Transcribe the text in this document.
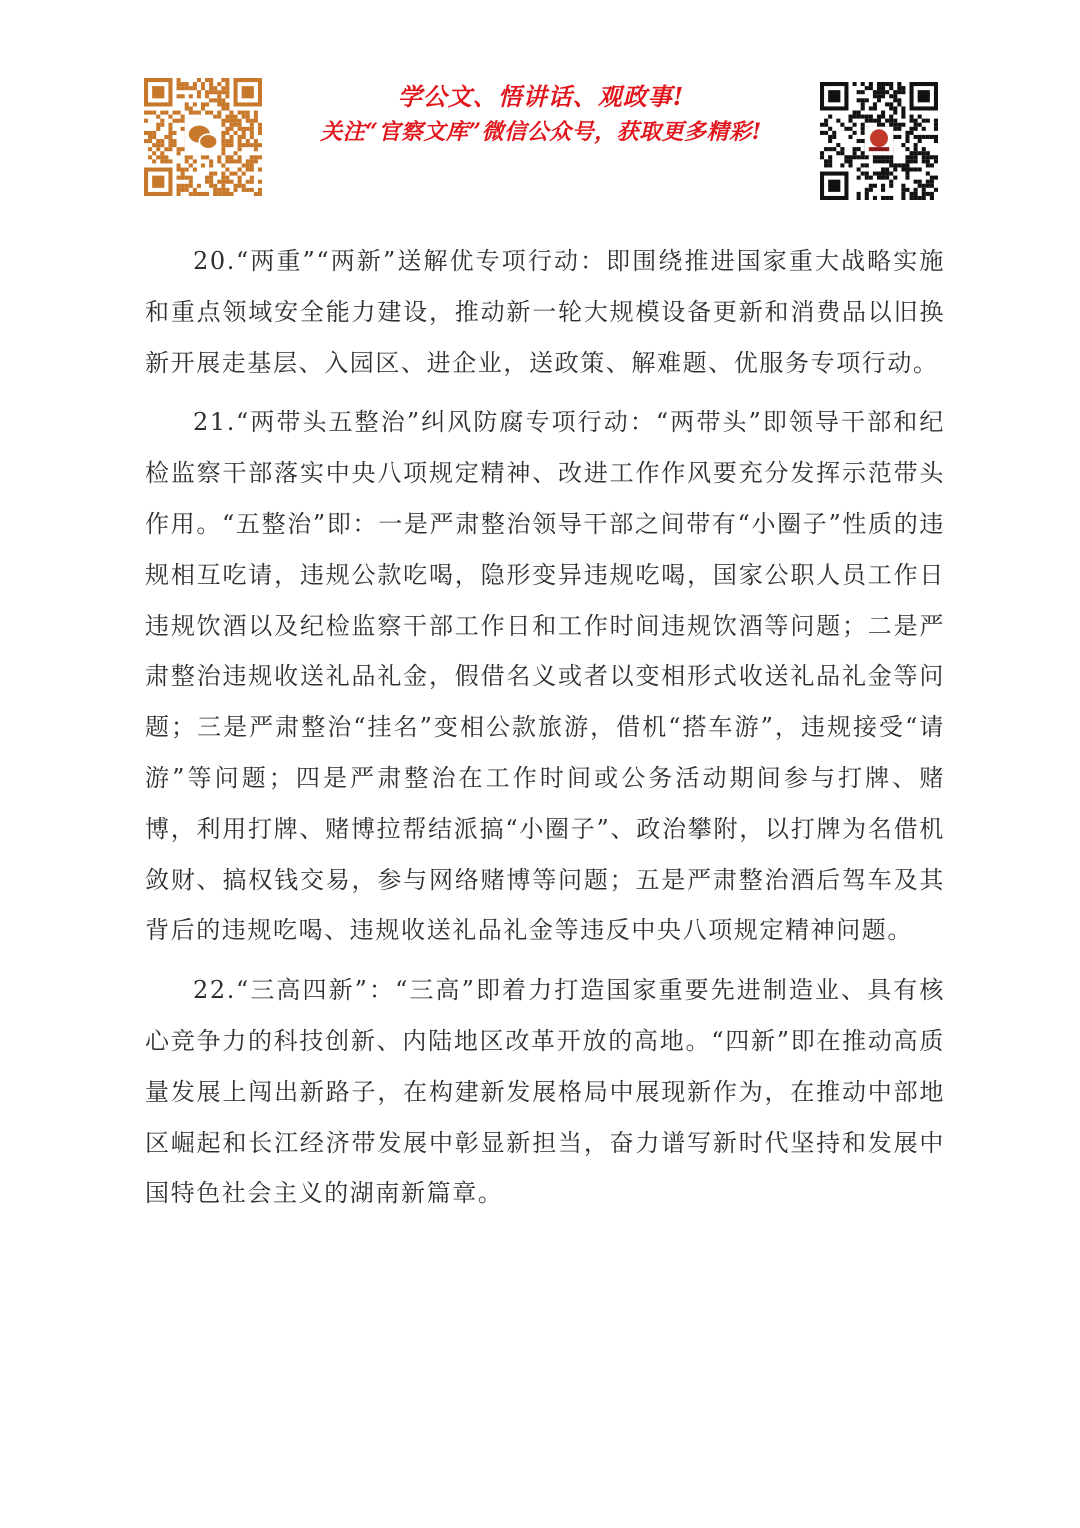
学公文、悟讲话、观政事!
关注“官察文库”微信公众号，获取更多精彩!

20.“两重”“两新”送解优专项行动：即围绕推进国家重大战略实施和重点领域安全能力建设，推动新一轮大规模设备更新和消费品以旧换新开展走基层、入园区、进企业，送政策、解难题、优服务专项行动。

21.“两带头五整治”纠风防腐专项行动：“两带头”即领导干部和纪检监察干部落实中央八项规定精神、改进工作作风要充分发挥示范带头作用。“五整治”即：一是严肃整治领导干部之间带有“小圈子”性质的违规相互吃请，违规公款吃喝，隐形变异违规吃喝，国家公职人员工作日违规饮酒以及纪检监察干部工作日和工作时间违规饮酒等问题；二是严肃整治违规收送礼品礼金，假借名义或者以变相形式收送礼品礼金等问题；三是严肃整治“挂名”变相公款旅游，借机“搭车游”，违规接受“请游”等问题；四是严肃整治在工作时间或公务活动期间参与打牌、赌博，利用打牌、赌博拉帮结派搞“小圈子”、政治攀附，以打牌为名借机敛财、搞权钱交易，参与网络赌博等问题；五是严肃整治酒后驾车及其背后的违规吃喝、违规收送礼品礼金等违反中央八项规定精神问题。

22.“三高四新”：“三高”即着力打造国家重要先进制造业、具有核心竞争力的科技创新、内陆地区改革开放的高地。“四新”即在推动高质量发展上闯出新路子，在构建新发展格局中展现新作为，在推动中部地区崛起和长江经济带发展中彰显新担当，奋力谱写新时代坚持和发展中国特色社会主义的湖南新篇章。
